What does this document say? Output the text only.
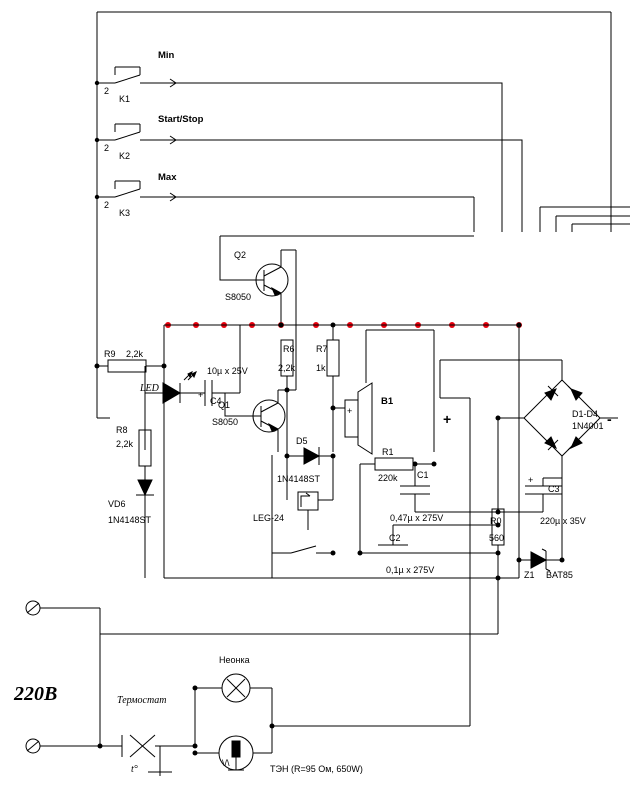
2
Min
K1
2
Start/Stop
K2
2
Max
K3
Q2
S8050
R9 2,2k
LED
+
10µ x 25V
C4
R8
2,2k
VD6
1N4148ST
Q1
S8050
R6
2,2k
R7
1k
+
B1
D5
1N4148ST
LEG-24
R1
220k C1
0,47µ x 275V
C2
0,1µ x 275V
R0
560
+	-
D1-D4
1N4001
+
C3
220µ x 35V
Z1 BAT85
220В
t°
Термостат
Неонка
\/\
ТЭН (R=95 Ом, 650W)
